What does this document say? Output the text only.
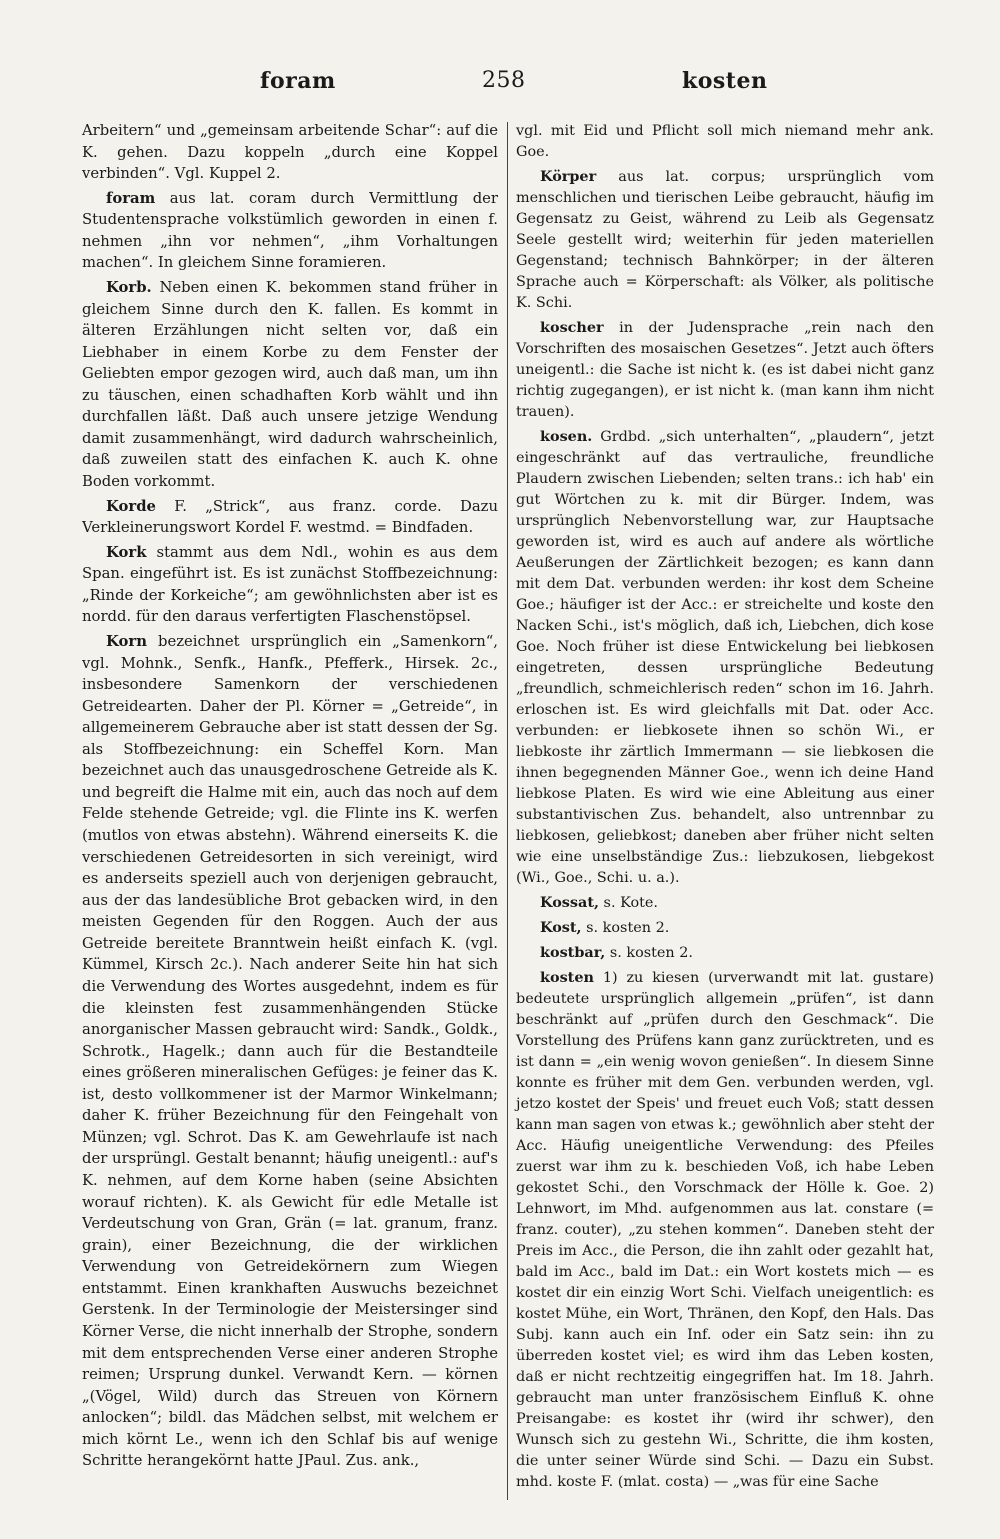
foram	258	kosten

Arbeitern“ und „gemeinsam arbeitende Schar“: auf die K. gehen. Dazu koppeln „durch eine Koppel verbinden“. Vgl. Kuppel 2.

foram aus lat. coram durch Vermittlung der Studentensprache volkstümlich geworden in einen f. nehmen „ihn vor nehmen“, „ihm Vorhaltungen machen“. In gleichem Sinne foramieren.

Korb. Neben einen K. bekommen stand früher in gleichem Sinne durch den K. fallen. Es kommt in älteren Erzählungen nicht selten vor, daß ein Liebhaber in einem Korbe zu dem Fenster der Geliebten empor gezogen wird, auch daß man, um ihn zu täuschen, einen schadhaften Korb wählt und ihn durchfallen läßt. Daß auch unsere jetzige Wendung damit zusammenhängt, wird dadurch wahrscheinlich, daß zuweilen statt des einfachen K. auch K. ohne Boden vorkommt.

Korde F. „Strick“, aus franz. corde. Dazu Verkleinerungswort Kordel F. westmd. = Bindfaden.

Kork stammt aus dem Ndl., wohin es aus dem Span. eingeführt ist. Es ist zunächst Stoffbezeichnung: „Rinde der Korkeiche“; am gewöhnlichsten aber ist es nordd. für den daraus verfertigten Flaschenstöpsel.

Korn bezeichnet ursprünglich ein „Samenkorn“, vgl. Mohnk., Senfk., Hanfk., Pfefferk., Hirsek. 2c., insbesondere Samenkorn der verschiedenen Getreidearten. Daher der Pl. Körner = „Getreide“, in allgemeinerem Gebrauche aber ist statt dessen der Sg. als Stoffbezeichnung: ein Scheffel Korn. Man bezeichnet auch das unausgedroschene Getreide als K. und begreift die Halme mit ein, auch das noch auf dem Felde stehende Getreide; vgl. die Flinte ins K. werfen (mutlos von etwas abstehn). Während einerseits K. die verschiedenen Getreidesorten in sich vereinigt, wird es anderseits speziell auch von derjenigen gebraucht, aus der das landesübliche Brot gebacken wird, in den meisten Gegenden für den Roggen. Auch der aus Getreide bereitete Branntwein heißt einfach K. (vgl. Kümmel, Kirsch 2c.). Nach anderer Seite hin hat sich die Verwendung des Wortes ausgedehnt, indem es für die kleinsten fest zusammenhängenden Stücke anorganischer Massen gebraucht wird: Sandk., Goldk., Schrotk., Hagelk.; dann auch für die Bestandteile eines größeren mineralischen Gefüges: je feiner das K. ist, desto vollkommener ist der Marmor Winkelmann; daher K. früher Bezeichnung für den Feingehalt von Münzen; vgl. Schrot. Das K. am Gewehrlaufe ist nach der ursprüngl. Gestalt benannt; häufig uneigentl.: auf's K. nehmen, auf dem Korne haben (seine Absichten worauf richten). K. als Gewicht für edle Metalle ist Verdeutschung von Gran, Grän (= lat. granum, franz. grain), einer Bezeichnung, die der wirklichen Verwendung von Getreidekörnern zum Wiegen entstammt. Einen krankhaften Auswuchs bezeichnet Gerstenk. In der Terminologie der Meistersinger sind Körner Verse, die nicht innerhalb der Strophe, sondern mit dem entsprechenden Verse einer anderen Strophe reimen; Ursprung dunkel. Verwandt Kern. — körnen „(Vögel, Wild) durch das Streuen von Körnern anlocken“; bildl. das Mädchen selbst, mit welchem er mich körnt Le., wenn ich den Schlaf bis auf wenige Schritte herangekörnt hatte JPaul. Zus. ank.,

vgl. mit Eid und Pflicht soll mich niemand mehr ank. Goe.

Körper aus lat. corpus; ursprünglich vom menschlichen und tierischen Leibe gebraucht, häufig im Gegensatz zu Geist, während zu Leib als Gegensatz Seele gestellt wird; weiterhin für jeden materiellen Gegenstand; technisch Bahnkörper; in der älteren Sprache auch = Körperschaft: als Völker, als politische K. Schi.

koscher in der Judensprache „rein nach den Vorschriften des mosaischen Gesetzes“. Jetzt auch öfters uneigentl.: die Sache ist nicht k. (es ist dabei nicht ganz richtig zugegangen), er ist nicht k. (man kann ihm nicht trauen).

kosen. Grdbd. „sich unterhalten“, „plaudern“, jetzt eingeschränkt auf das vertrauliche, freundliche Plaudern zwischen Liebenden; selten trans.: ich hab' ein gut Wörtchen zu k. mit dir Bürger. Indem, was ursprünglich Nebenvorstellung war, zur Hauptsache geworden ist, wird es auch auf andere als wörtliche Aeußerungen der Zärtlichkeit bezogen; es kann dann mit dem Dat. verbunden werden: ihr kost dem Scheine Goe.; häufiger ist der Acc.: er streichelte und koste den Nacken Schi., ist's möglich, daß ich, Liebchen, dich kose Goe. Noch früher ist diese Entwickelung bei liebkosen eingetreten, dessen ursprüngliche Bedeutung „freundlich, schmeichlerisch reden“ schon im 16. Jahrh. erloschen ist. Es wird gleichfalls mit Dat. oder Acc. verbunden: er liebkosete ihnen so schön Wi., er liebkoste ihr zärtlich Immermann — sie liebkosen die ihnen begegnenden Männer Goe., wenn ich deine Hand liebkose Platen. Es wird wie eine Ableitung aus einer substantivischen Zus. behandelt, also untrennbar zu liebkosen, geliebkost; daneben aber früher nicht selten wie eine unselbständige Zus.: liebzukosen, liebgekost (Wi., Goe., Schi. u. a.).

Kossat, s. Kote.

Kost, s. kosten 2.

kostbar, s. kosten 2.

kosten 1) zu kiesen (urverwandt mit lat. gustare) bedeutete ursprünglich allgemein „prüfen“, ist dann beschränkt auf „prüfen durch den Geschmack“. Die Vorstellung des Prüfens kann ganz zurücktreten, und es ist dann = „ein wenig wovon genießen“. In diesem Sinne konnte es früher mit dem Gen. verbunden werden, vgl. jetzo kostet der Speis' und freuet euch Voß; statt dessen kann man sagen von etwas k.; gewöhnlich aber steht der Acc. Häufig uneigentliche Verwendung: des Pfeiles zuerst war ihm zu k. beschieden Voß, ich habe Leben gekostet Schi., den Vorschmack der Hölle k. Goe. 2) Lehnwort, im Mhd. aufgenommen aus lat. constare (= franz. couter), „zu stehen kommen“. Daneben steht der Preis im Acc., die Person, die ihn zahlt oder gezahlt hat, bald im Acc., bald im Dat.: ein Wort kostets mich — es kostet dir ein einzig Wort Schi. Vielfach uneigentlich: es kostet Mühe, ein Wort, Thränen, den Kopf, den Hals. Das Subj. kann auch ein Inf. oder ein Satz sein: ihn zu überreden kostet viel; es wird ihm das Leben kosten, daß er nicht rechtzeitig eingegriffen hat. Im 18. Jahrh. gebraucht man unter französischem Einfluß K. ohne Preisangabe: es kostet ihr (wird ihr schwer), den Wunsch sich zu gestehn Wi., Schritte, die ihm kosten, die unter seiner Würde sind Schi. — Dazu ein Subst. mhd. koste F. (mlat. costa) — „was für eine Sache
